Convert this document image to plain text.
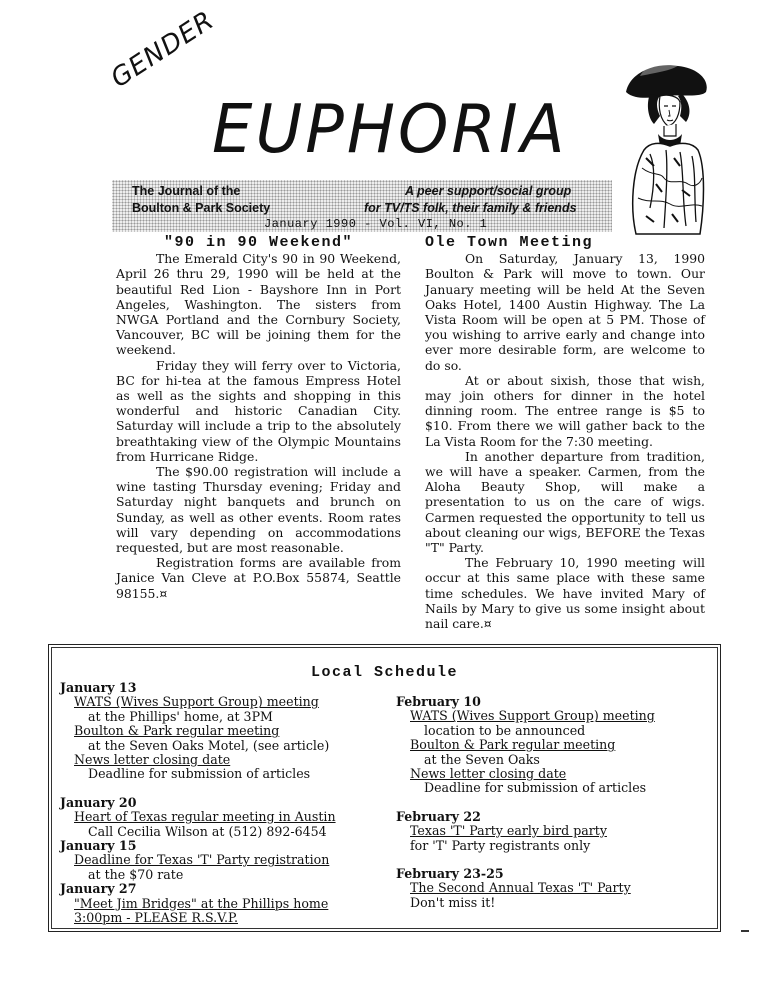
GENDER
EUPHORIA
The Journal of the
Boulton & Park Society
A peer support/social group
for TV/TS folk, their family & friends
January 1990 - Vol. VI, No. 1
"90 in 90 Weekend"

The Emerald City's 90 in 90 Weekend, April 26 thru 29, 1990 will be held at the beautiful Red Lion - Bayshore Inn in Port Angeles, Washington. The sisters from NWGA Portland and the Cornbury Society, Vancouver, BC will be joining them for the weekend.

Friday they will ferry over to Victoria, BC for hi-tea at the famous Empress Hotel as well as the sights and shopping in this wonderful and historic Canadian City. Saturday will include a trip to the absolutely breathtaking view of the Olympic Mountains from Hurricane Ridge.

The $90.00 registration will include a wine tasting Thursday evening; Friday and Saturday night banquets and brunch on Sunday, as well as other events. Room rates will vary depending on accommodations requested, but are most reasonable.

Registration forms are available from Janice Van Cleve at P.O.Box 55874, Seattle 98155.¤

Ole Town Meeting

On Saturday, January 13, 1990 Boulton & Park will move to town. Our January meeting will be held At the Seven Oaks Hotel, 1400 Austin Highway. The La Vista Room will be open at 5 PM. Those of you wishing to arrive early and change into ever more desirable form, are welcome to do so.

At or about sixish, those that wish, may join others for dinner in the hotel dinning room. The entree range is $5 to $10. From there we will gather back to the La Vista Room for the 7:30 meeting.

In another departure from tradition, we will have a speaker. Carmen, from the Aloha Beauty Shop, will make a presentation to us on the care of wigs. Carmen requested the opportunity to tell us about cleaning our wigs, BEFORE the Texas "T" Party.

The February 10, 1990 meeting will occur at this same place with these same time schedules. We have invited Mary of Nails by Mary to give us some insight about nail care.¤

Local Schedule
January 13
WATS (Wives Support Group) meeting
at the Phillips' home, at 3PM
Boulton & Park regular meeting
at the Seven Oaks Motel, (see article)
News letter closing date
Deadline for submission of articles
January 20
Heart of Texas regular meeting in Austin
Call Cecilia Wilson at (512) 892-6454
January 15
Deadline for Texas 'T' Party registration
at the $70 rate
January 27
"Meet Jim Bridges" at the Phillips home
3:00pm - PLEASE R.S.V.P.
February 10
WATS (Wives Support Group) meeting
location to be announced
Boulton & Park regular meeting
at the Seven Oaks
News letter closing date
Deadline for submission of articles
February 22
Texas 'T' Party early bird party
for 'T' Party registrants only
February 23-25
The Second Annual Texas 'T' Party
Don't miss it!
